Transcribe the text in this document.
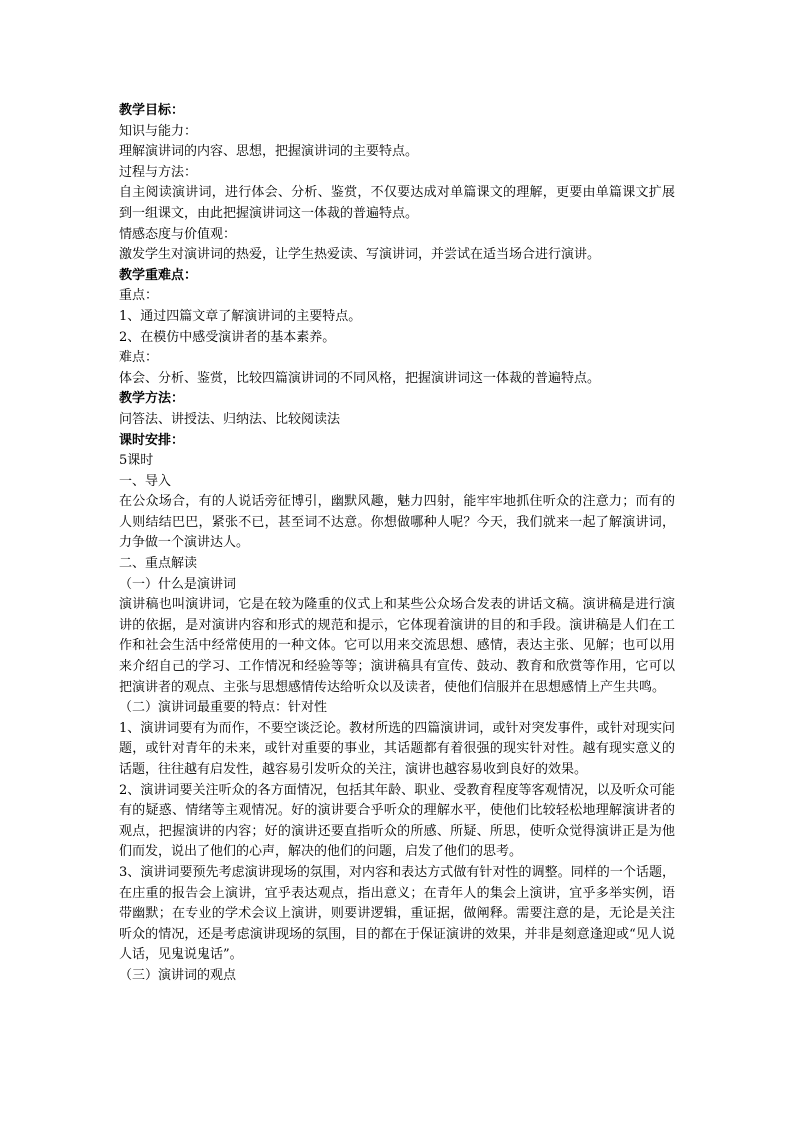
教学目标：

知识与能力：

理解演讲词的内容、思想，把握演讲词的主要特点。

过程与方法：

自主阅读演讲词，进行体会、分析、鉴赏，不仅要达成对单篇课文的理解，更要由单篇课文扩展到一组课文，由此把握演讲词这一体裁的普遍特点。

情感态度与价值观：

激发学生对演讲词的热爱，让学生热爱读、写演讲词，并尝试在适当场合进行演讲。

教学重难点：

重点：

1、通过四篇文章了解演讲词的主要特点。

2、在模仿中感受演讲者的基本素养。

难点：

体会、分析、鉴赏，比较四篇演讲词的不同风格，把握演讲词这一体裁的普遍特点。

教学方法：

问答法、讲授法、归纳法、比较阅读法

课时安排：

5课时

一、导入

在公众场合，有的人说话旁征博引，幽默风趣，魅力四射，能牢牢地抓住听众的注意力；而有的人则结结巴巴，紧张不已，甚至词不达意。你想做哪种人呢？今天，我们就来一起了解演讲词，力争做一个演讲达人。

二、重点解读

（一）什么是演讲词

演讲稿也叫演讲词，它是在较为隆重的仪式上和某些公众场合发表的讲话文稿。演讲稿是进行演讲的依据，是对演讲内容和形式的规范和提示，它体现着演讲的目的和手段。演讲稿是人们在工作和社会生活中经常使用的一种文体。它可以用来交流思想、感情，表达主张、见解；也可以用来介绍自己的学习、工作情况和经验等等；演讲稿具有宣传、鼓动、教育和欣赏等作用，它可以把演讲者的观点、主张与思想感情传达给听众以及读者，使他们信服并在思想感情上产生共鸣。

（二）演讲词最重要的特点：针对性

1、演讲词要有为而作，不要空谈泛论。教材所选的四篇演讲词，或针对突发事件，或针对现实问题，或针对青年的未来，或针对重要的事业，其话题都有着很强的现实针对性。越有现实意义的话题，往往越有启发性，越容易引发听众的关注，演讲也越容易收到良好的效果。

2、演讲词要关注听众的各方面情况，包括其年龄、职业、受教育程度等客观情况，以及听众可能有的疑惑、情绪等主观情况。好的演讲要合乎听众的理解水平，使他们比较轻松地理解演讲者的观点，把握演讲的内容；好的演讲还要直指听众的所感、所疑、所思，使听众觉得演讲正是为他们而发，说出了他们的心声，解决的他们的问题，启发了他们的思考。

3、演讲词要预先考虑演讲现场的氛围，对内容和表达方式做有针对性的调整。同样的一个话题，在庄重的报告会上演讲，宜乎表达观点，指出意义；在青年人的集会上演讲，宜乎多举实例，语带幽默；在专业的学术会议上演讲，则要讲逻辑，重证据，做阐释。需要注意的是，无论是关注听众的情况，还是考虑演讲现场的氛围，目的都在于保证演讲的效果，并非是刻意逢迎或“见人说人话，见鬼说鬼话”。

（三）演讲词的观点
